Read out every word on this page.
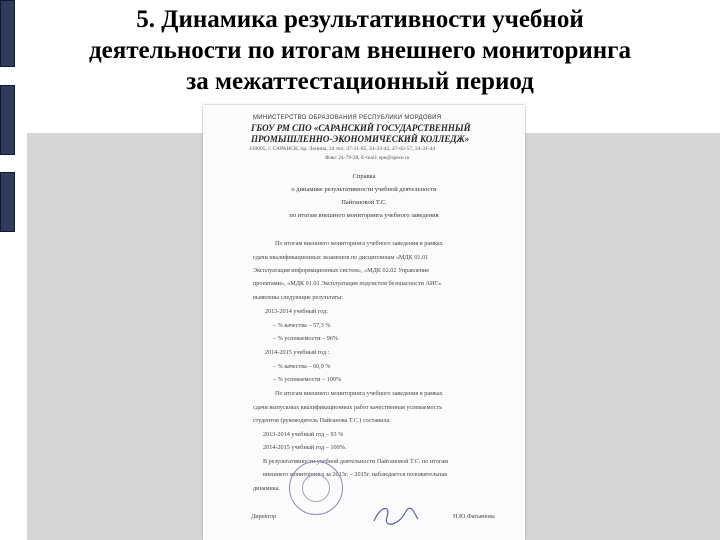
5. Динамика результативности учебной
деятельности по итогам внешнего мониторинга
за межаттестационный период
МИНИСТЕРСТВО ОБРАЗОВАНИЯ РЕСПУБЛИКИ МОРДОВИЯ
ГБОУ РМ СПО «САРАНСКИЙ ГОСУДАРСТВЕННЫЙ
ПРОМЫШЛЕННО-ЭКОНОМИЧЕСКИЙ КОЛЛЕДЖ»
430005, г. САРАНСК, пр. Ленина, 24 тел. 47-31-85, 24-33-42, 47-02-57, 24-31-44
Факс 24-79-38, E-mail: spe@spece.ru
Справка
о динамике результативности учебной деятельности
Пайгановой Т.С.
по итогам внешнего мониторинга учебного заведения
По итогам внешнего мониторинга учебного заведения в рамках
сдачи квалификационных экзаменов по дисциплинам «МДК 01.01
Эксплуатация информационных систем», «МДК 02.02 Управление
проектами», «МДК 01.01 Эксплуатация подсистем безопасности АИС»
выявлены следующие результаты:
2013-2014 учебный год:
– % качества – 57,3 %
– % успеваемости – 96%
2014-2015 учебный год :
– % качества – 60,9 %
– % успеваемости – 100%
По итогам внешнего мониторинга учебного заведения в рамках
сдачи выпускных квалификационных работ качественная успеваемость
студентов (руководитель Пайганова Т.С.) составила:
2013-2014 учебный год – 93 %
2014-2015 учебный год – 100%.
В результативности учебной деятельности Пайгановой Т.С. по итогам
внешнего мониторинга за 2013г. – 2015г. наблюдается положительная
динамика.
Директор	Н.Ю.Фатьянова
